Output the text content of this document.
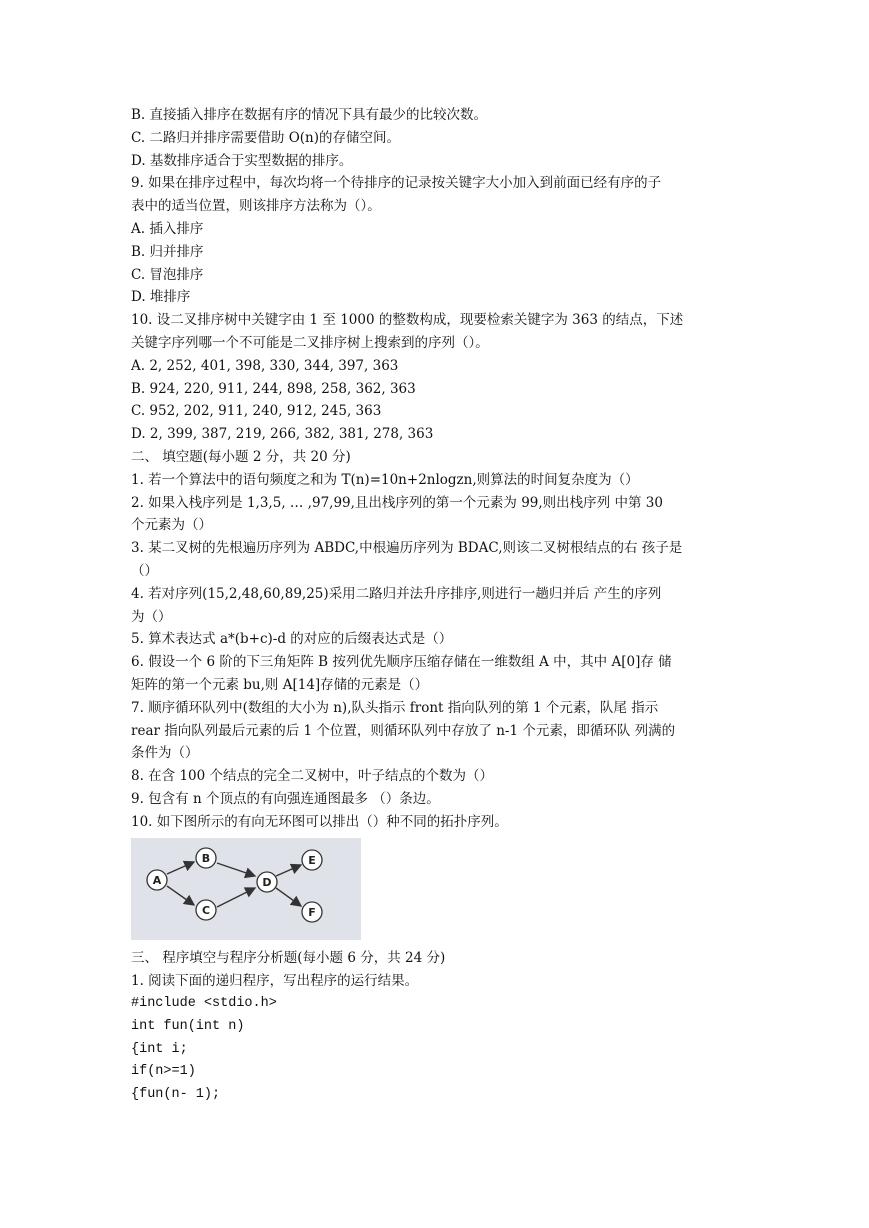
B. 直接插入排序在数据有序的情况下具有最少的比较次数。
C. 二路归并排序需要借助 O(n)的存储空间。
D. 基数排序适合于实型数据的排序。
9. 如果在排序过程中，每次均将一个待排序的记录按关键字大小加入到前面已经有序的子
表中的适当位置，则该排序方法称为（）。
A. 插入排序
B. 归并排序
C. 冒泡排序
D. 堆排序
10. 设二叉排序树中关键字由 1 至 1000 的整数构成，现要检索关键字为 363 的结点，下述
关键字序列哪一个不可能是二叉排序树上搜索到的序列（）。
A. 2, 252, 401, 398, 330, 344, 397, 363
B. 924, 220, 911, 244, 898, 258, 362, 363
C. 952, 202, 911, 240, 912, 245, 363
D. 2, 399, 387, 219, 266, 382, 381, 278, 363
二、 填空题(每小题 2 分，共 20 分)
1. 若一个算法中的语句频度之和为 T(n)=10n+2nlogzn,则算法的时间复杂度为（）
2. 如果入栈序列是 1,3,5, … ,97,99,且出栈序列的第一个元素为 99,则出栈序列 中第 30
个元素为（）
3. 某二叉树的先根遍历序列为 ABDC,中根遍历序列为 BDAC,则该二叉树根结点的右 孩子是
（）
4. 若对序列(15,2,48,60,89,25)采用二路归并法升序排序,则进行一趟归并后 产生的序列
为（）
5. 算术表达式 a*(b+c)-d 的对应的后缀表达式是（）
6. 假设一个 6 阶的下三角矩阵 B 按列优先顺序压缩存储在一维数组 A 中，其中 A[0]存 储
矩阵的第一个元素 bu,则 A[14]存储的元素是（）
7. 顺序循环队列中(数组的大小为 n),队头指示 front 指向队列的第 1 个元素，队尾 指示
rear 指向队列最后元素的后 1 个位置，则循环队列中存放了 n-1 个元素，即循环队 列满的
条件为（）
8. 在含 100 个结点的完全二叉树中，叶子结点的个数为（）
9. 包含有 n 个顶点的有向强连通图最多 （）条边。
10. 如下图所示的有向无环图可以排出（）种不同的拓扑序列。
A
B
C
D
E
F
三、 程序填空与程序分析题(每小题 6 分，共 24 分)
1. 阅读下面的递归程序，写出程序的运行结果。
#include <stdio.h>
int fun(int n)
{int i;
if(n>=1)
{fun(n- 1);
